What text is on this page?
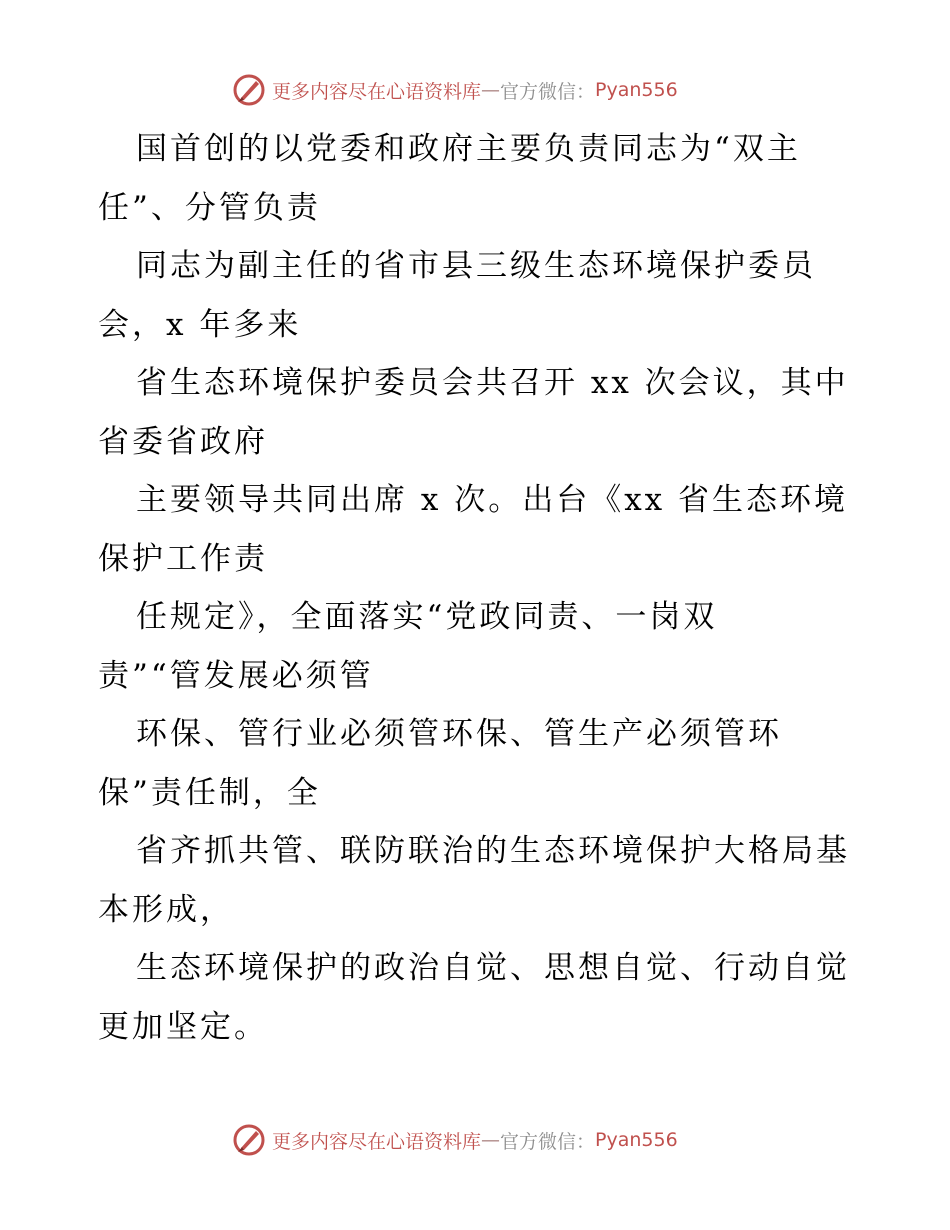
更多内容尽在心语资料库 — 官方微信： Pyan556
国首创的以党委和政府主要负责同志为“双主
任”、分管负责
同志为副主任的省市县三级生态环境保护委员
会，x 年多来
省生态环境保护委员会共召开 xx 次会议，其中
省委省政府
主要领导共同出席 x 次。出台《xx 省生态环境
保护工作责
任规定》，全面落实“党政同责、一岗双
责”“管发展必须管
环保、管行业必须管环保、管生产必须管环
保”责任制，全
省齐抓共管、联防联治的生态环境保护大格局基
本形成，
生态环境保护的政治自觉、思想自觉、行动自觉
更加坚定。
更多内容尽在心语资料库 — 官方微信： Pyan556
